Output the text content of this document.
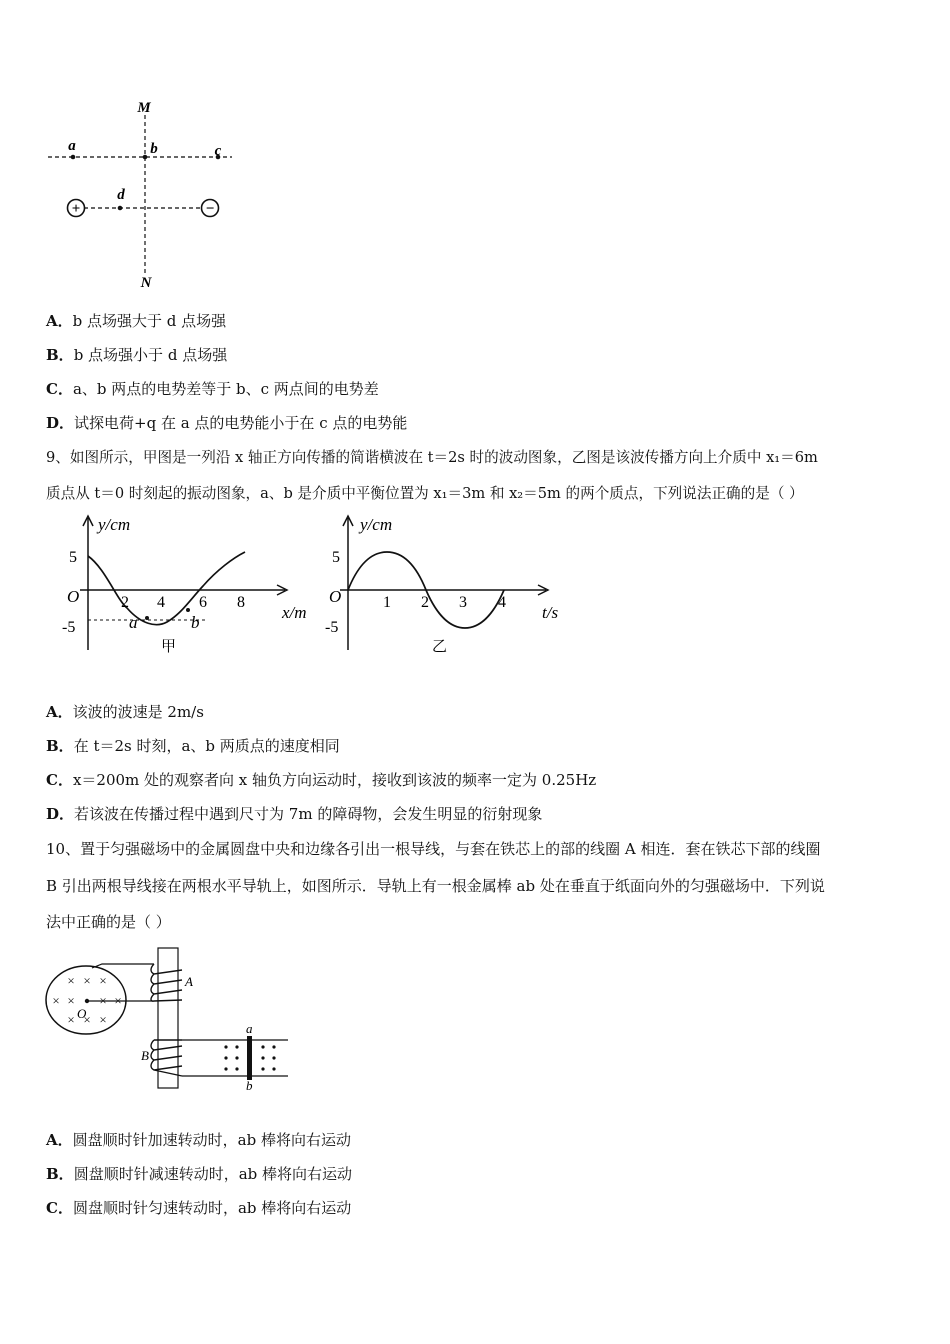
+	−
M
N
a	b	c
d
A．b 点场强大于 d 点场强
B．b 点场强小于 d 点场强
C．a、b 两点的电势差等于 b、c 两点间的电势差
D．试探电荷+q 在 a 点的电势能小于在 c 点的电势能
9、如图所示，甲图是一列沿 x 轴正方向传播的简谐横波在 t＝2s 时的波动图象，乙图是该波传播方向上介质中 x₁＝6m
质点从 t＝0 时刻起的振动图象，a、b 是介质中平衡位置为 x₁＝3m 和 x₂＝5m 的两个质点，下列说法正确的是（ ）
y/cm
5
-5
O	2 4 6 8
x/m
a	b
甲
y/cm
5
-5
O	1 2 3 4
t/s
乙
A．该波的波速是 2m/s
B．在 t＝2s 时刻，a、b 两质点的速度相同
C．x＝200m 处的观察者向 x 轴负方向运动时，接收到该波的频率一定为 0.25Hz
D．若该波在传播过程中遇到尺寸为 7m 的障碍物，会发生明显的衍射现象
10、置于匀强磁场中的金属圆盘中央和边缘各引出一根导线，与套在铁芯上的部的线圈 A 相连．套在铁芯下部的线圈
B 引出两根导线接在两根水平导轨上，如图所示．导轨上有一根金属棒 ab 处在垂直于纸面向外的匀强磁场中．下列说
法中正确的是（ ）
× × ×
× × × ×
× × ×
O
A
B
a
b
A．圆盘顺时针加速转动时，ab 棒将向右运动
B．圆盘顺时针减速转动时，ab 棒将向右运动
C．圆盘顺时针匀速转动时，ab 棒将向右运动
